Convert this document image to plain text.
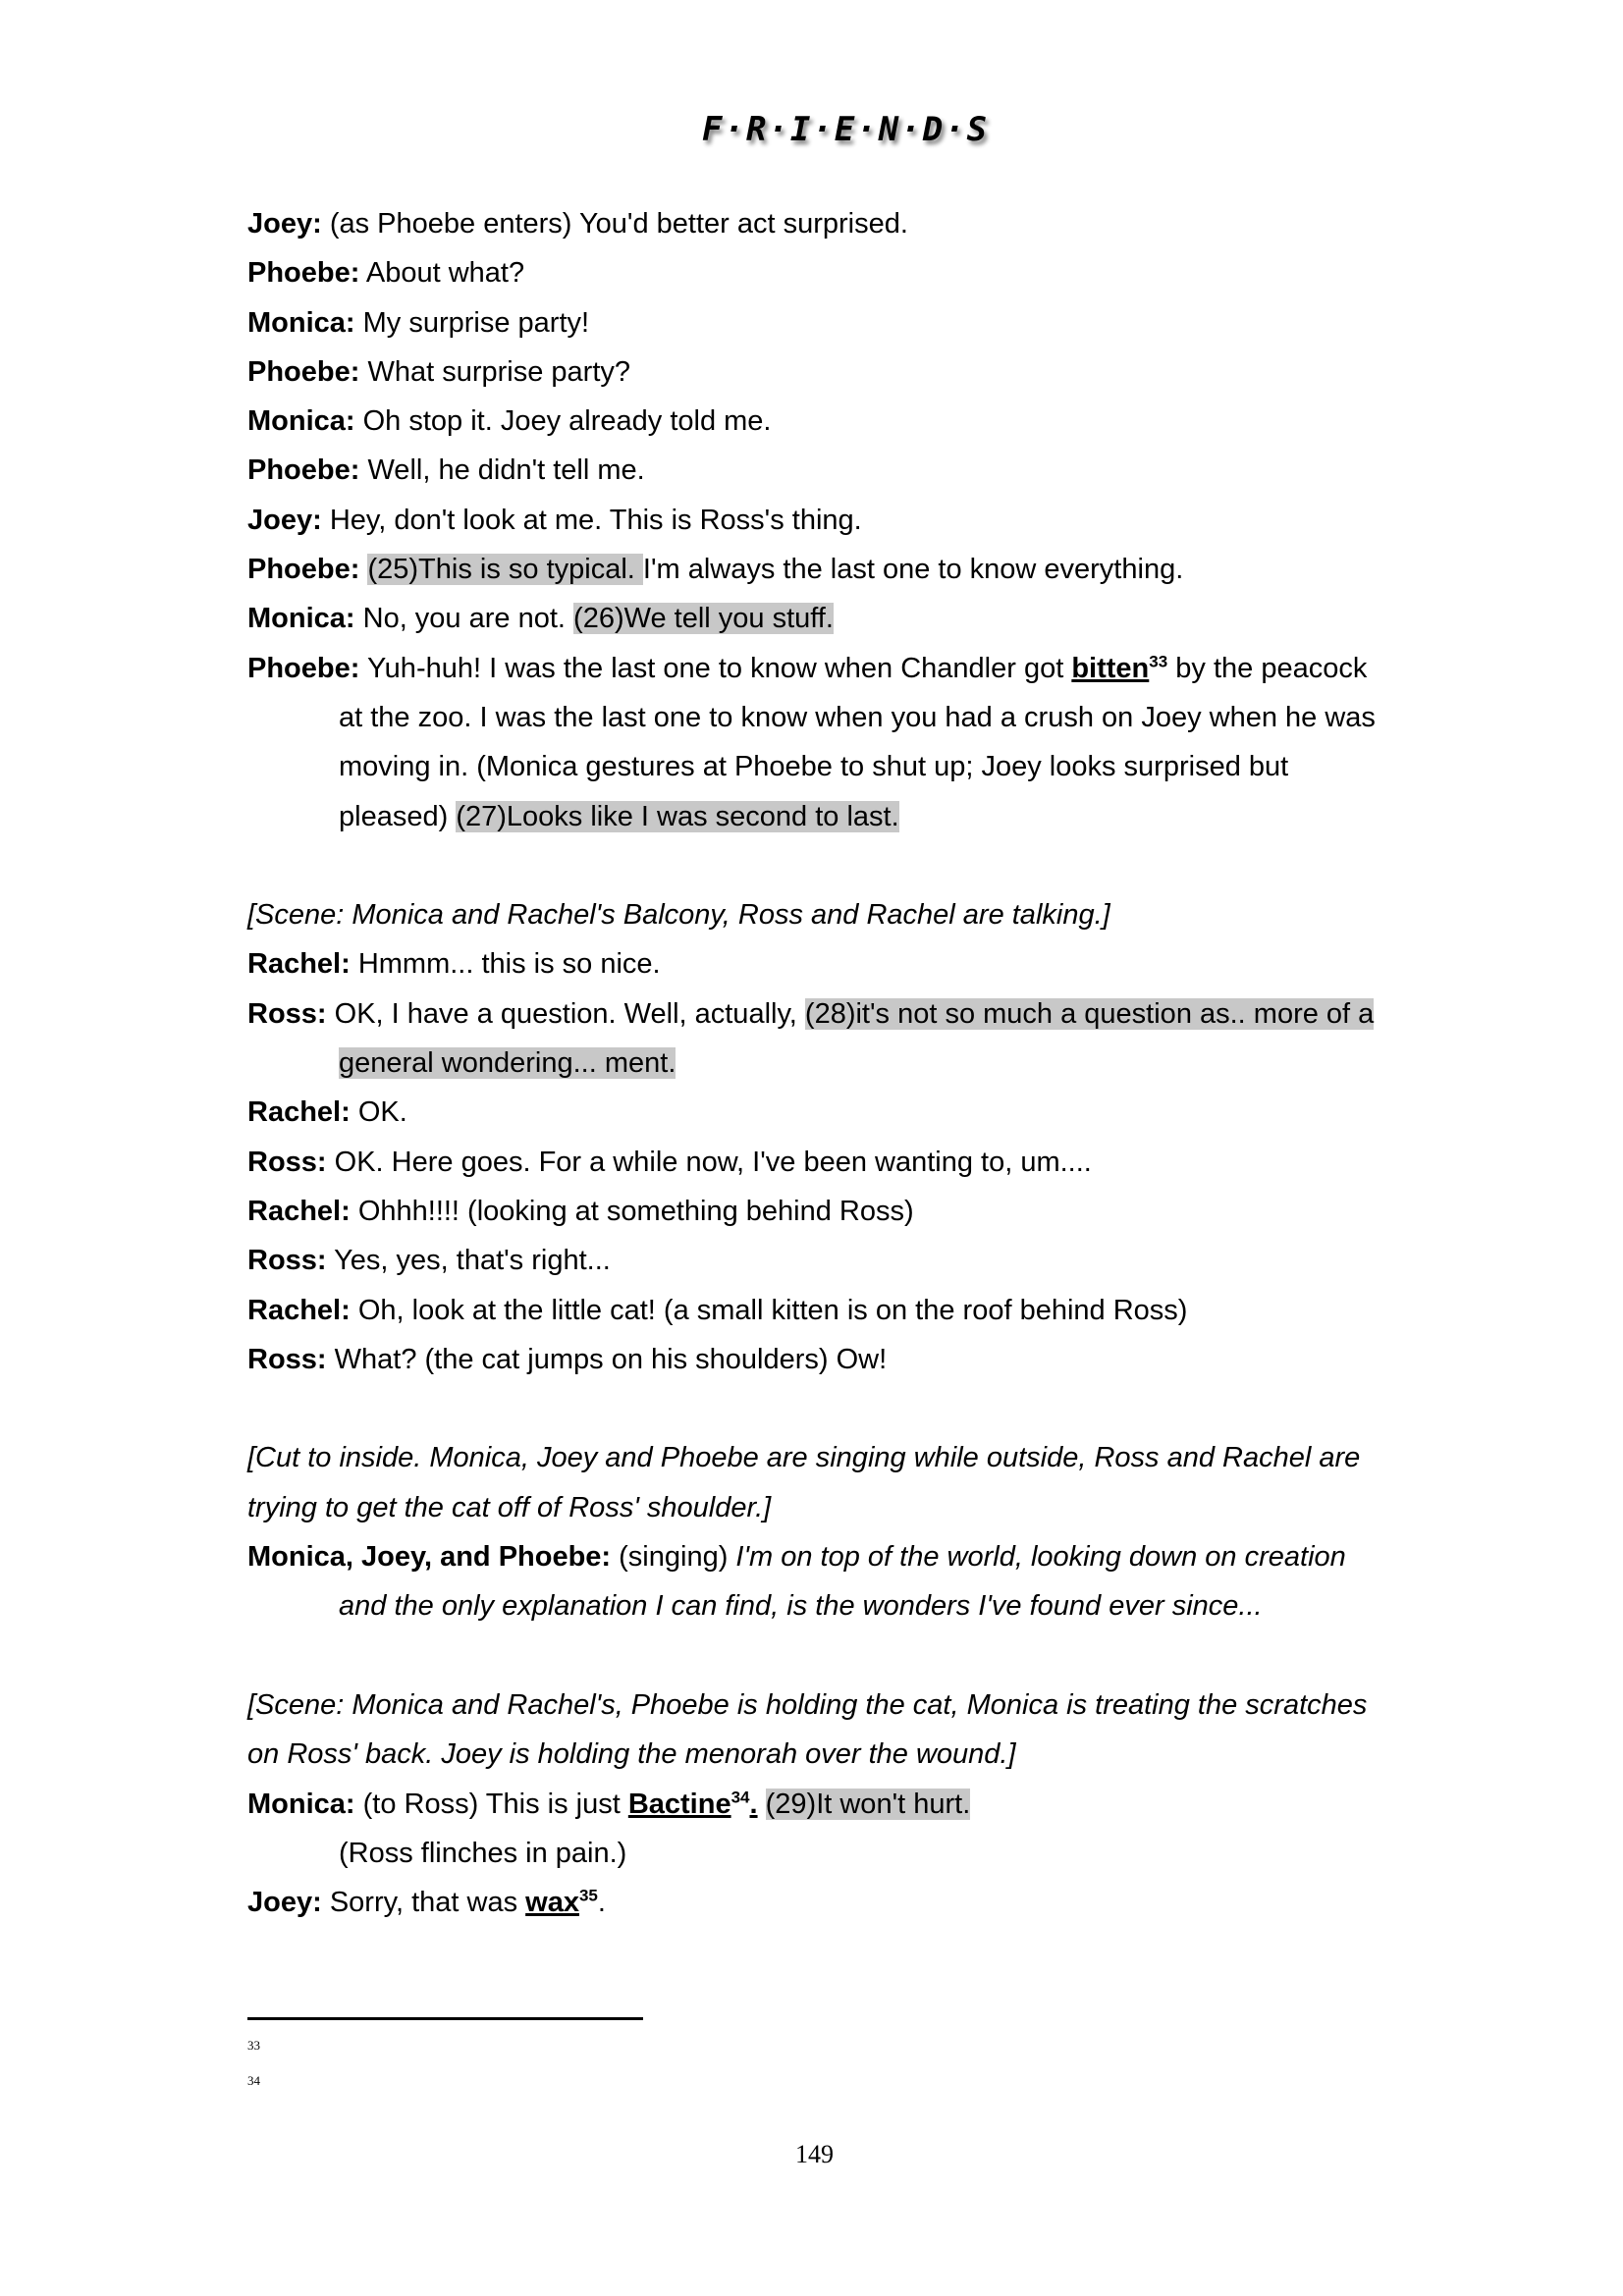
F·R·I·E·N·D·S
Joey: (as Phoebe enters) You'd better act surprised.
Phoebe: About what?
Monica: My surprise party!
Phoebe: What surprise party?
Monica: Oh stop it. Joey already told me.
Phoebe: Well, he didn't tell me.
Joey: Hey, don't look at me. This is Ross's thing.
Phoebe: (25)This is so typical. I'm always the last one to know everything.
Monica: No, you are not. (26)We tell you stuff.
Phoebe: Yuh-huh! I was the last one to know when Chandler got bitten$^{33}$ by the peacock at the zoo. I was the last one to know when you had a crush on Joey when he was moving in. (Monica gestures at Phoebe to shut up; Joey looks surprised but pleased) (27)Looks like I was second to last.
[Scene: Monica and Rachel's Balcony, Ross and Rachel are talking.]
Rachel: Hmmm... this is so nice.
Ross: OK, I have a question. Well, actually, (28)it's not so much a question as.. more of a general wondering... ment.
Rachel: OK.
Ross: OK. Here goes. For a while now, I've been wanting to, um....
Rachel: Ohhh!!!! (looking at something behind Ross)
Ross: Yes, yes, that's right...
Rachel: Oh, look at the little cat! (a small kitten is on the roof behind Ross)
Ross: What? (the cat jumps on his shoulders) Ow!
[Cut to inside. Monica, Joey and Phoebe are singing while outside, Ross and Rachel are trying to get the cat off of Ross' shoulder.]
Monica, Joey, and Phoebe: (singing) I'm on top of the world, looking down on creation and the only explanation I can find, is the wonders I've found ever since...
[Scene: Monica and Rachel's, Phoebe is holding the cat, Monica is treating the scratches on Ross' back. Joey is holding the menorah over the wound.]
Monica: (to Ross) This is just Bactine$^{34}$. (29)It won't hurt.
(Ross flinches in pain.)
Joey: Sorry, that was wax$^{35}$.
33
34
149
